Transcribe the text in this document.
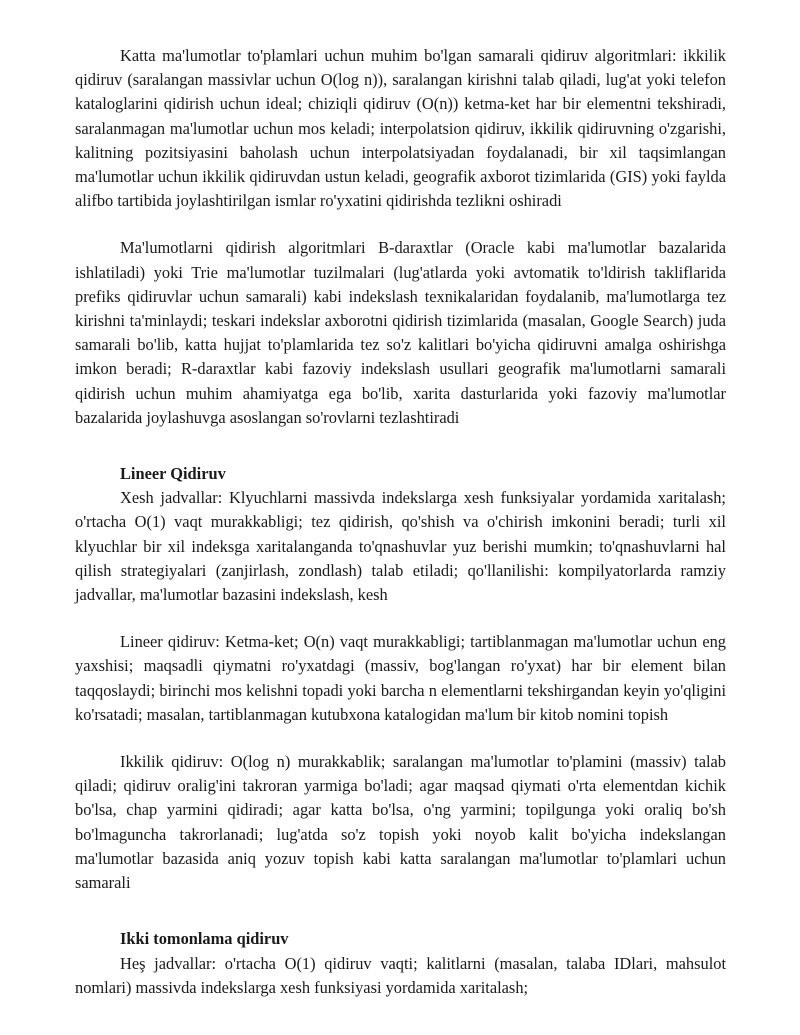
Katta ma'lumotlar to'plamlari uchun muhim bo'lgan samarali qidiruv algoritmlari: ikkilik qidiruv (saralangan massivlar uchun O(log n)), saralangan kirishni talab qiladi, lug'at yoki telefon kataloglarini qidirish uchun ideal; chiziqli qidiruv (O(n)) ketma-ket har bir elementni tekshiradi, saralanmagan ma'lumotlar uchun mos keladi; interpolatsion qidiruv, ikkilik qidiruvning o'zgarishi, kalitning pozitsiyasini baholash uchun interpolatsiyadan foydalanadi, bir xil taqsimlangan ma'lumotlar uchun ikkilik qidiruvdan ustun keladi, geografik axborot tizimlarida (GIS) yoki faylda alifbo tartibida joylashtirilgan ismlar ro'yxatini qidirishda tezlikni oshiradi

Ma'lumotlarni qidirish algoritmlari B-daraxtlar (Oracle kabi ma'lumotlar bazalarida ishlatiladi) yoki Trie ma'lumotlar tuzilmalari (lug'atlarda yoki avtomatik to'ldirish takliflarida prefiks qidiruvlar uchun samarali) kabi indekslash texnikalaridan foydalanib, ma'lumotlarga tez kirishni ta'minlaydi; teskari indekslar axborotni qidirish tizimlarida (masalan, Google Search) juda samarali bo'lib, katta hujjat to'plamlarida tez so'z kalitlari bo'yicha qidiruvni amalga oshirishga imkon beradi; R-daraxtlar kabi fazoviy indekslash usullari geografik ma'lumotlarni samarali qidirish uchun muhim ahamiyatga ega bo'lib, xarita dasturlarida yoki fazoviy ma'lumotlar bazalarida joylashuvga asoslangan so'rovlarni tezlashtiradi

Lineer Qidiruv

Xesh jadvallar: Klyuchlarni massivda indekslarga xesh funksiyalar yordamida xaritalash; o'rtacha O(1) vaqt murakkabligi; tez qidirish, qo'shish va o'chirish imkonini beradi; turli xil klyuchlar bir xil indeksga xaritalanganda to'qnashuvlar yuz berishi mumkin; to'qnashuvlarni hal qilish strategiyalari (zanjirlash, zondlash) talab etiladi; qo'llanilishi: kompilyatorlarda ramziy jadvallar, ma'lumotlar bazasini indekslash, kesh

Lineer qidiruv: Ketma-ket; O(n) vaqt murakkabligi; tartiblanmagan ma'lumotlar uchun eng yaxshisi; maqsadli qiymatni ro'yxatdagi (massiv, bog'langan ro'yxat) har bir element bilan taqqoslaydi; birinchi mos kelishni topadi yoki barcha n elementlarni tekshirgandan keyin yo'qligini ko'rsatadi; masalan, tartiblanmagan kutubxona katalogidan ma'lum bir kitob nomini topish

Ikkilik qidiruv: O(log n) murakkablik; saralangan ma'lumotlar to'plamini (massiv) talab qiladi; qidiruv oralig'ini takroran yarmiga bo'ladi; agar maqsad qiymati o'rta elementdan kichik bo'lsa, chap yarmini qidiradi; agar katta bo'lsa, o'ng yarmini; topilgunga yoki oraliq bo'sh bo'lmaguncha takrorlanadi; lug'atda so'z topish yoki noyob kalit bo'yicha indekslangan ma'lumotlar bazasida aniq yozuv topish kabi katta saralangan ma'lumotlar to'plamlari uchun samarali

Ikki tomonlama qidiruv

Heş jadvallar: o'rtacha O(1) qidiruv vaqti; kalitlarni (masalan, talaba IDlari, mahsulot nomlari) massivda indekslarga xesh funksiyasi yordamida xaritalash;
